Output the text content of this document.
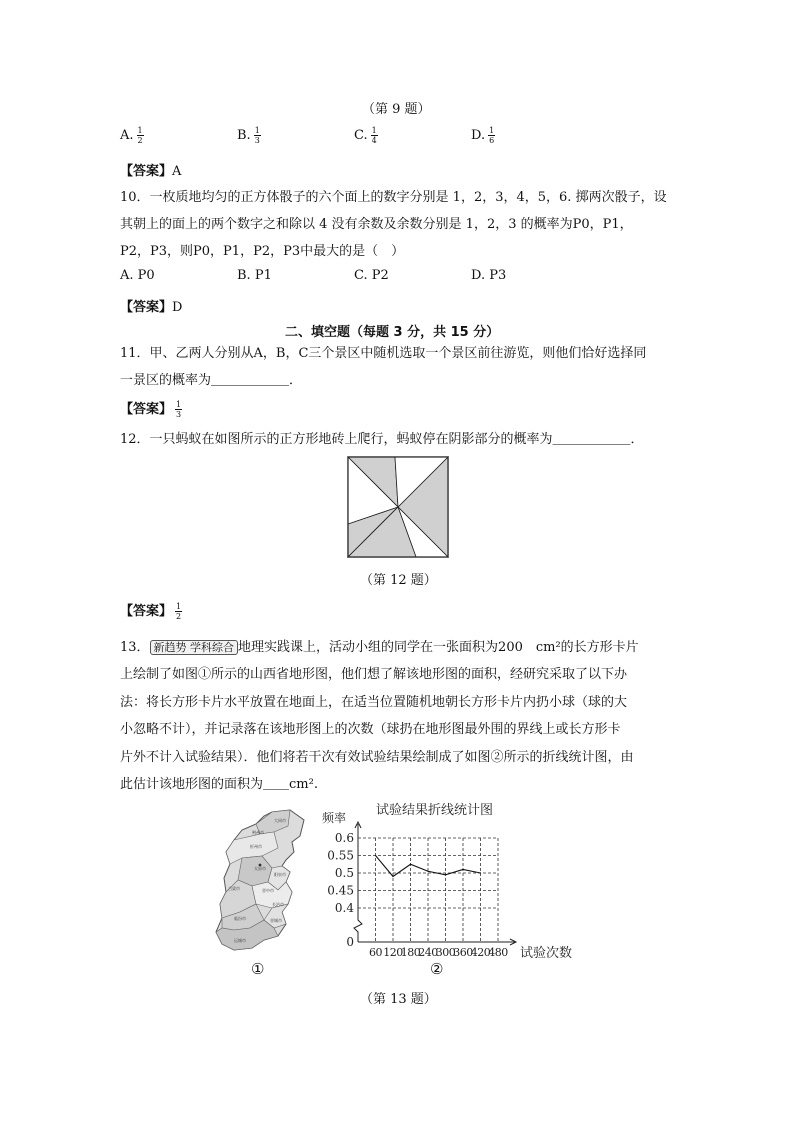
（第 9 题）
A. $\frac{1}{2}$	B. $\frac{1}{3}$	C. $\frac{1}{4}$	D. $\frac{1}{6}$
【答案】A
10．一枚质地均匀的正方体骰子的六个面上的数字分别是 1，2，3，4，5，6. 掷两次骰子，设
其朝上的面上的两个数字之和除以 4 没有余数及余数分别是 1，2，3 的概率为P0，P1，
P2，P3，则P0，P1，P2，P3中最大的是（　）
A. P0	B. P1	C. P2	D. P3
【答案】D
二、填空题（每题 3 分，共 15 分）
11．甲、乙两人分别从A，B，C三个景区中随机选取一个景区前往游览，则他们恰好选择同
一景区的概率为＿＿＿＿＿＿．
【答案】 $\frac{1}{3}$
12．一只蚂蚁在如图所示的正方形地砖上爬行，蚂蚁停在阴影部分的概率为＿＿＿＿＿＿．
（第 12 题）
【答案】 $\frac{1}{2}$
13． 新趋势 学科综合 地理实践课上，活动小组的同学在一张面积为200　cm²的长方形卡片
上绘制了如图①所示的山西省地形图，他们想了解该地形图的面积，经研究采取了以下办
法：将长方形卡片水平放置在地面上，在适当位置随机地朝长方形卡片内扔小球（球的大
小忽略不计），并记录落在该地形图上的次数（球扔在地形图最外围的界线上或长方形卡
片外不计入试验结果）．他们将若干次有效试验结果绘制成了如图②所示的折线统计图，由
此估计该地形图的面积为＿＿cm².
朔州市
大同市
忻州市
太原市
阳泉市
吕梁市	晋中市
长治市
临汾市	晋城市
运城市
①
试验结果折线统计图
频率
试验次数
0
0.4
0.45
0.5
0.55
0.6
60 120
180
240
300
360
420
480
②
（第 13 题）
